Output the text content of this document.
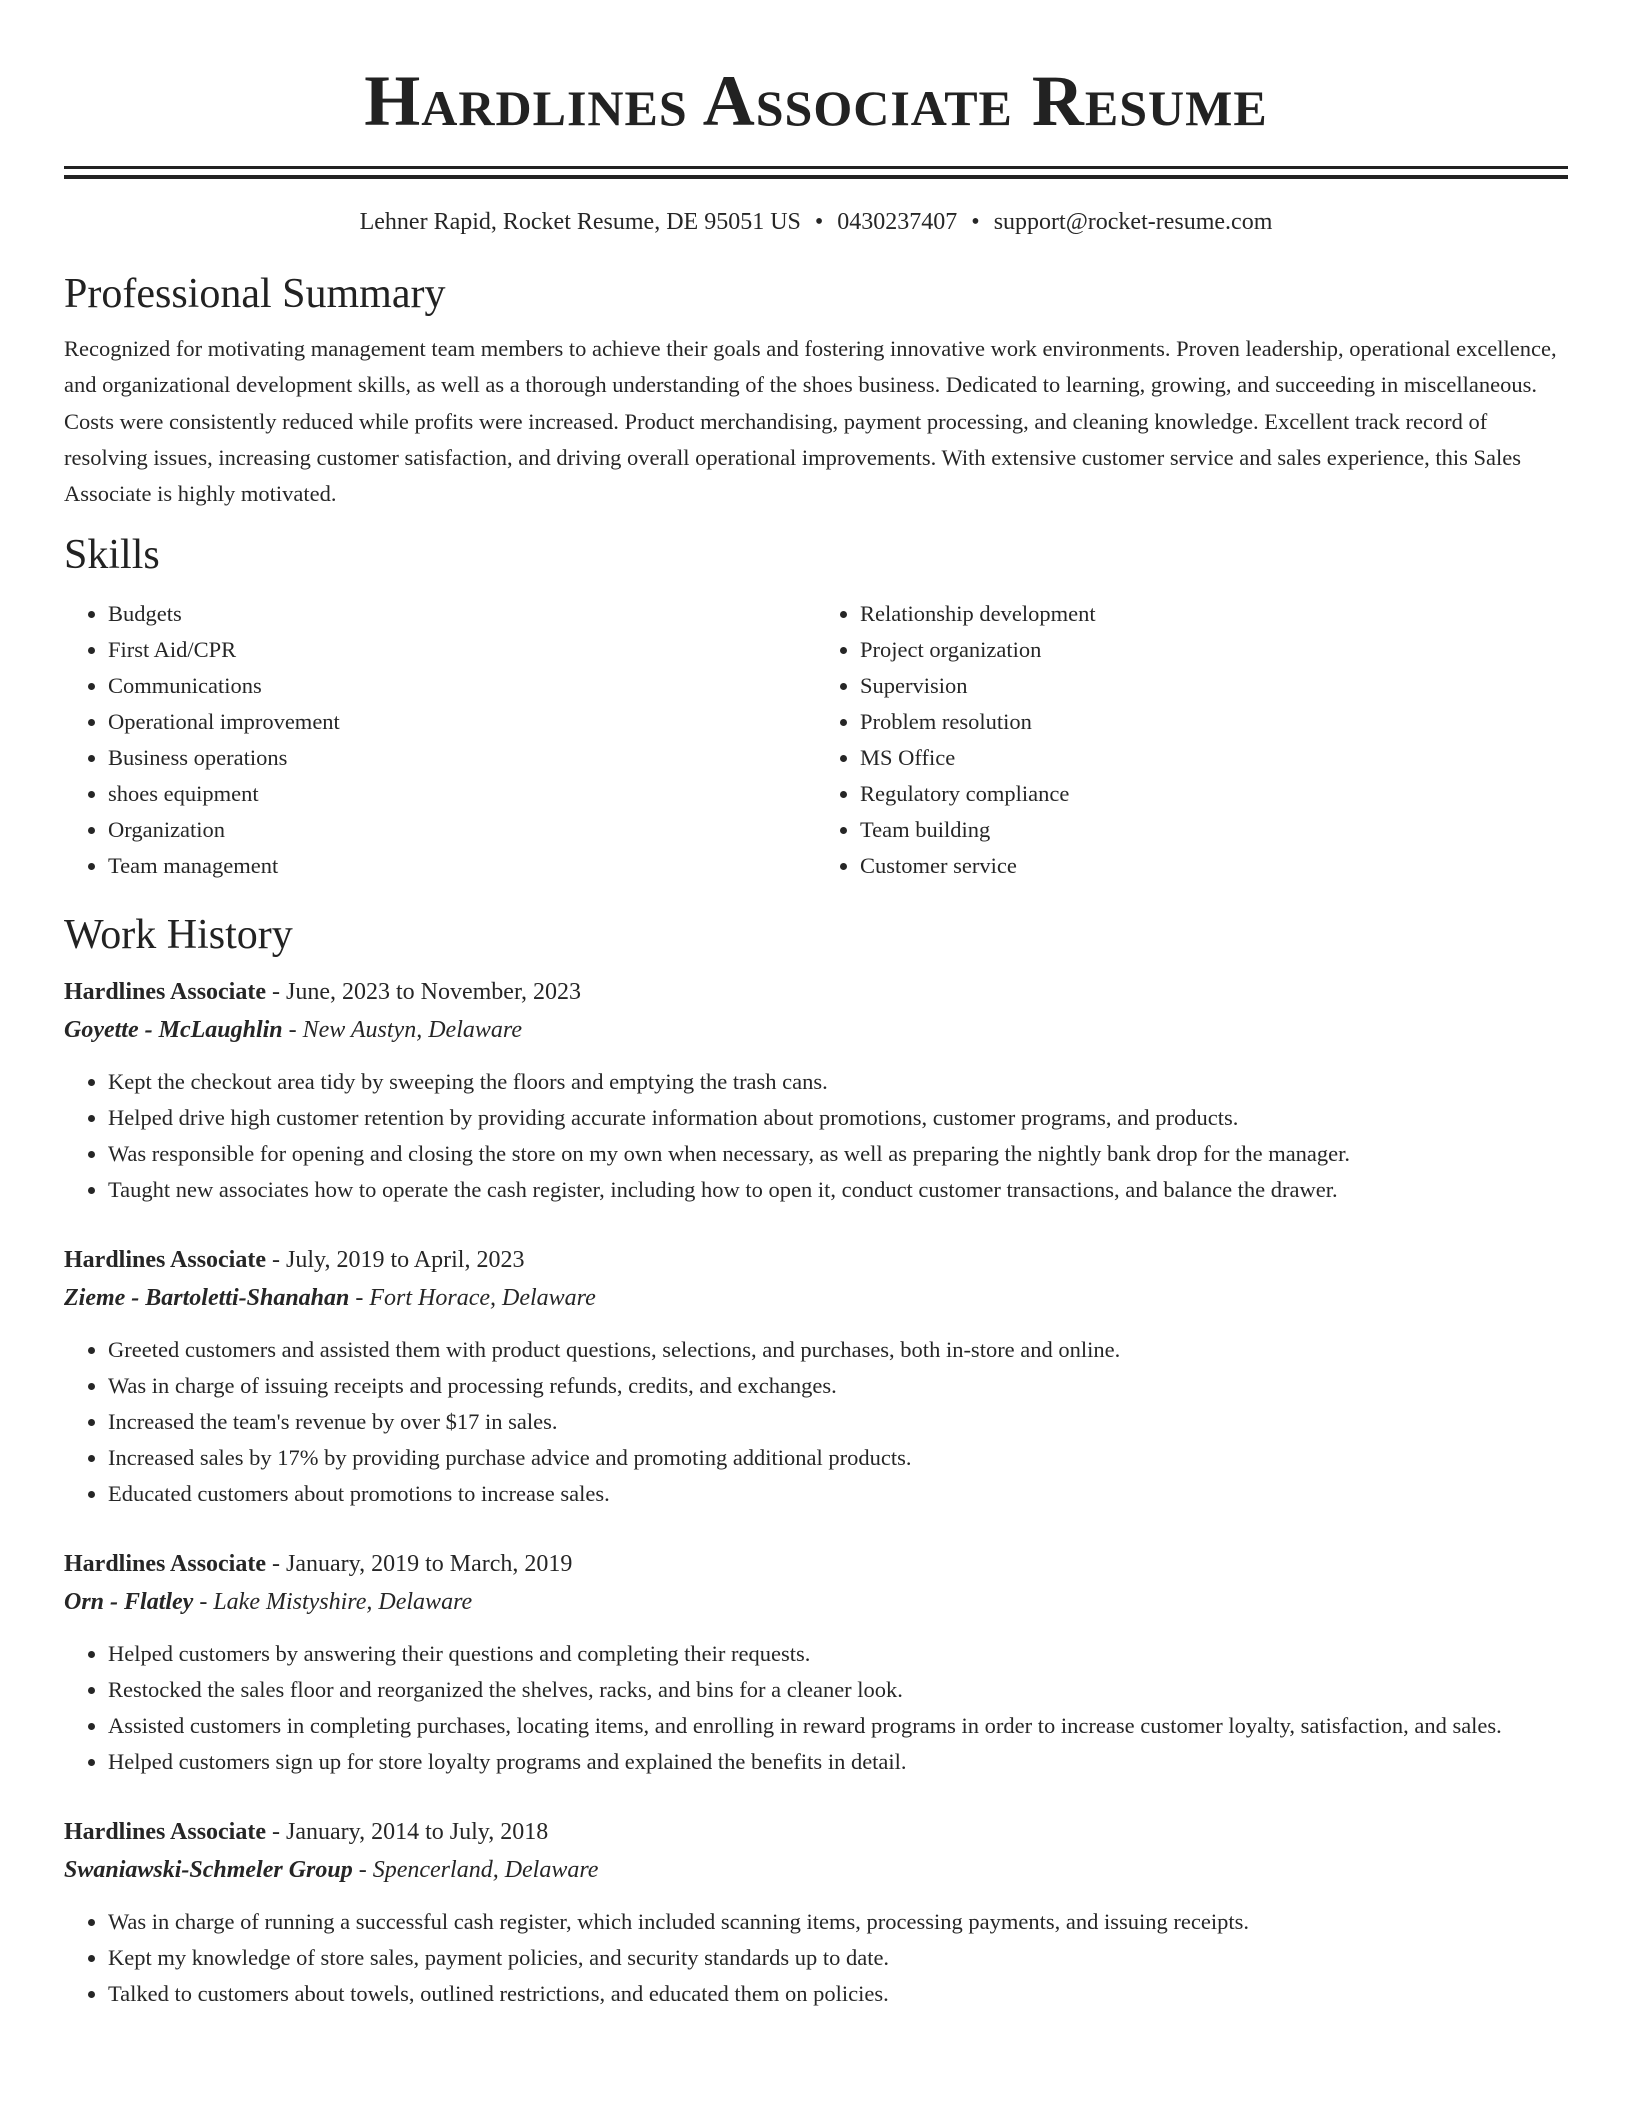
Hardlines Associate Resume
Lehner Rapid, Rocket Resume, DE 95051 US • 0430237407 • support@rocket-resume.com
Professional Summary
Recognized for motivating management team members to achieve their goals and fostering innovative work environments. Proven leadership, operational excellence, and organizational development skills, as well as a thorough understanding of the shoes business. Dedicated to learning, growing, and succeeding in miscellaneous. Costs were consistently reduced while profits were increased. Product merchandising, payment processing, and cleaning knowledge. Excellent track record of resolving issues, increasing customer satisfaction, and driving overall operational improvements. With extensive customer service and sales experience, this Sales Associate is highly motivated.
Skills
• Budgets
• First Aid/CPR
• Communications
• Operational improvement
• Business operations
• shoes equipment
• Organization
• Team management
• Relationship development
• Project organization
• Supervision
• Problem resolution
• MS Office
• Regulatory compliance
• Team building
• Customer service
Work History
Hardlines Associate - June, 2023 to November, 2023
Goyette - McLaughlin - New Austyn, Delaware
• Kept the checkout area tidy by sweeping the floors and emptying the trash cans.
• Helped drive high customer retention by providing accurate information about promotions, customer programs, and products.
• Was responsible for opening and closing the store on my own when necessary, as well as preparing the nightly bank drop for the manager.
• Taught new associates how to operate the cash register, including how to open it, conduct customer transactions, and balance the drawer.
Hardlines Associate - July, 2019 to April, 2023
Zieme - Bartoletti-Shanahan - Fort Horace, Delaware
• Greeted customers and assisted them with product questions, selections, and purchases, both in-store and online.
• Was in charge of issuing receipts and processing refunds, credits, and exchanges.
• Increased the team's revenue by over $17 in sales.
• Increased sales by 17% by providing purchase advice and promoting additional products.
• Educated customers about promotions to increase sales.
Hardlines Associate - January, 2019 to March, 2019
Orn - Flatley - Lake Mistyshire, Delaware
• Helped customers by answering their questions and completing their requests.
• Restocked the sales floor and reorganized the shelves, racks, and bins for a cleaner look.
• Assisted customers in completing purchases, locating items, and enrolling in reward programs in order to increase customer loyalty, satisfaction, and sales.
• Helped customers sign up for store loyalty programs and explained the benefits in detail.
Hardlines Associate - January, 2014 to July, 2018
Swaniawski-Schmeler Group - Spencerland, Delaware
• Was in charge of running a successful cash register, which included scanning items, processing payments, and issuing receipts.
• Kept my knowledge of store sales, payment policies, and security standards up to date.
• Talked to customers about towels, outlined restrictions, and educated them on policies.
